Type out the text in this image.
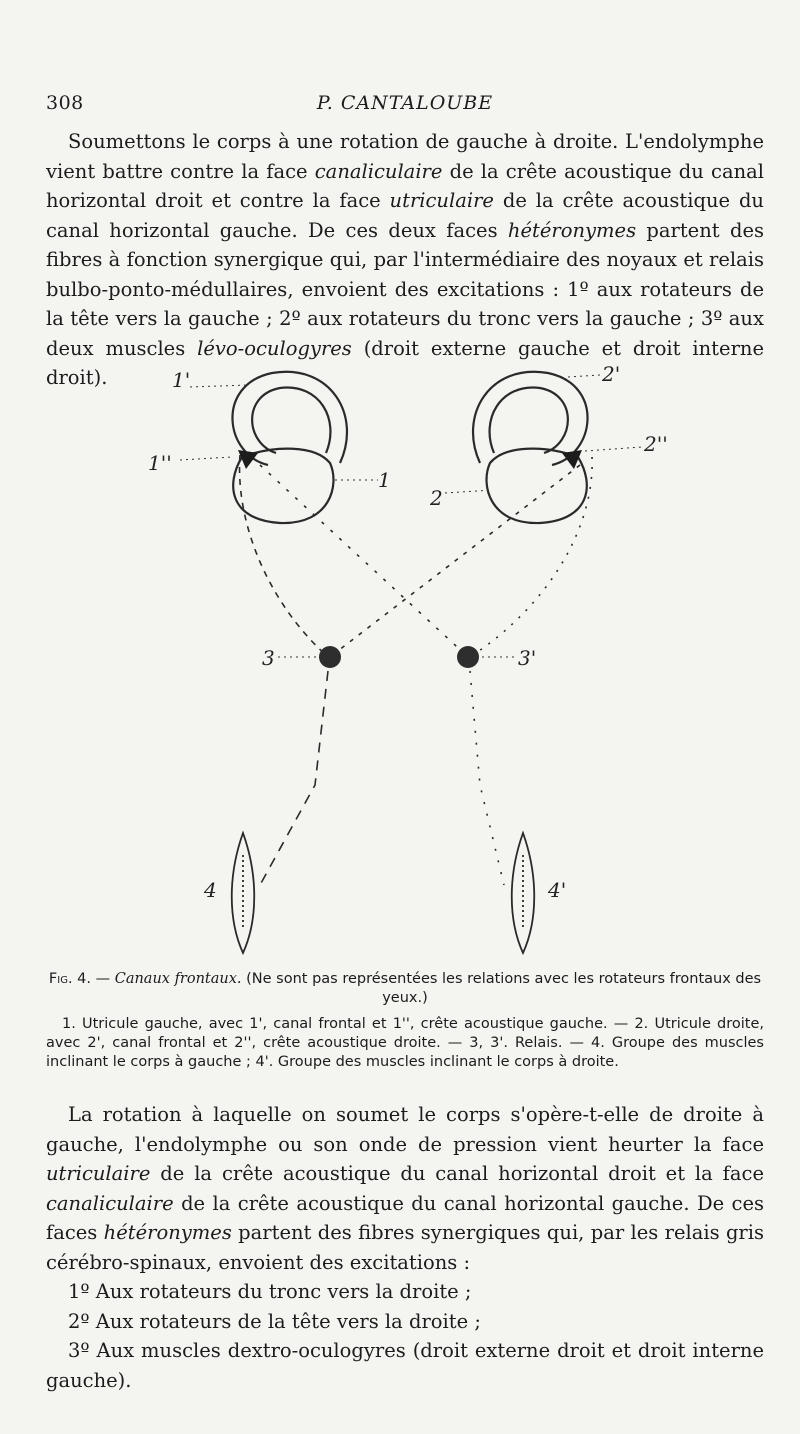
308	P. CANTALOUBE

Soumettons le corps à une rotation de gauche à droite. L'endolymphe vient battre contre la face canaliculaire de la crête acoustique du canal horizontal droit et contre la face utriculaire de la crête acoustique du canal horizontal gauche. De ces deux faces hétéronymes partent des fibres à fonction synergique qui, par l'intermédiaire des noyaux et relais bulbo-ponto-médullaires, envoient des excitations : 1º aux rotateurs de la tête vers la gauche ; 2º aux rotateurs du tronc vers la gauche ; 3º aux deux muscles lévo-oculogyres (droit externe gauche et droit interne droit).	1'
1''
1
2'
2''
2
3	3'
4	4'
Fig. 4. — Canaux frontaux. (Ne sont pas représentées les relations avec les rotateurs frontaux des yeux.)
1. Utricule gauche, avec 1', canal frontal et 1'', crête acoustique gauche. — 2. Utricule droite, avec 2', canal frontal et 2'', crête acoustique droite. — 3, 3'. Relais. — 4. Groupe des muscles inclinant le corps à gauche ; 4'. Groupe des muscles inclinant le corps à droite.

La rotation à laquelle on soumet le corps s'opère-t-elle de droite à gauche, l'endolymphe ou son onde de pression vient heurter la face utriculaire de la crête acoustique du canal horizontal droit et la face canaliculaire de la crête acoustique du canal horizontal gauche. De ces faces hétéronymes partent des fibres synergiques qui, par les relais gris cérébro-spinaux, envoient des excitations :

1º Aux rotateurs du tronc vers la droite ;

2º Aux rotateurs de la tête vers la droite ;

3º Aux muscles dextro-oculogyres (droit externe droit et droit interne gauche).
